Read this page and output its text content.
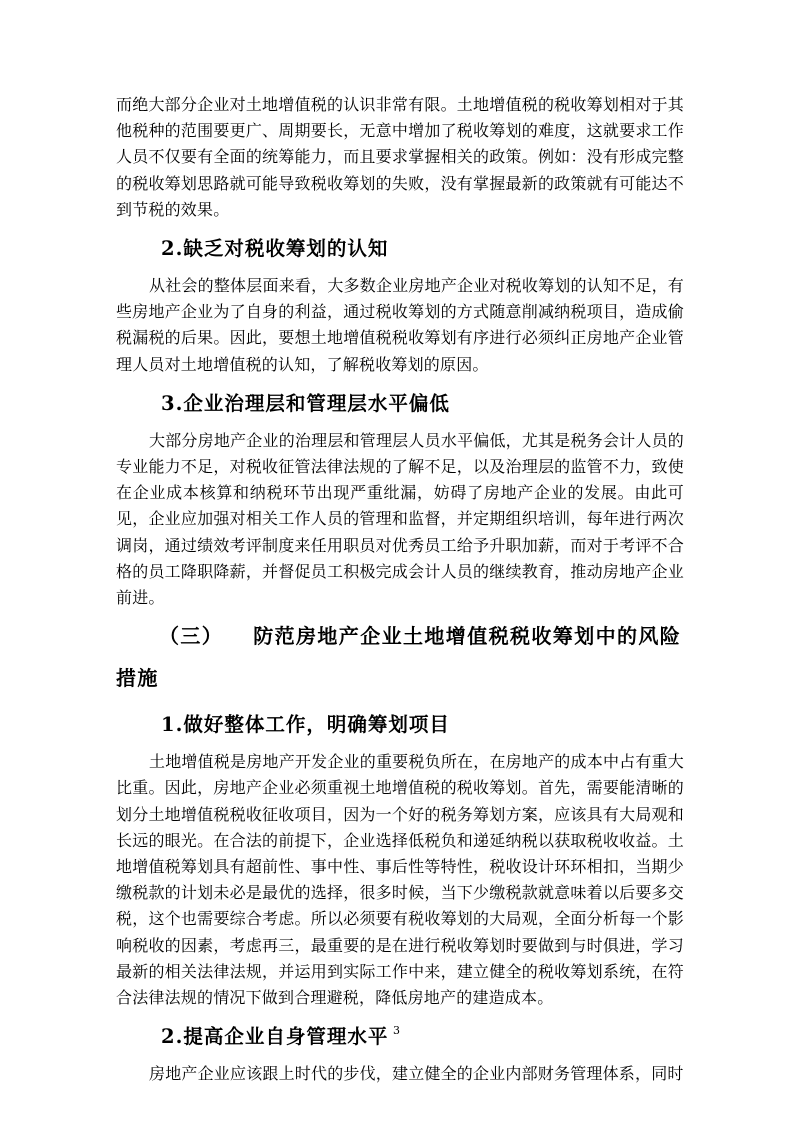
而绝大部分企业对土地增值税的认识非常有限。土地增值税的税收筹划相对于其他税种的范围要更广、周期要长，无意中增加了税收筹划的难度，这就要求工作人员不仅要有全面的统筹能力，而且要求掌握相关的政策。例如：没有形成完整的税收筹划思路就可能导致税收筹划的失败，没有掌握最新的政策就有可能达不到节税的效果。

2.缺乏对税收筹划的认知

从社会的整体层面来看，大多数企业房地产企业对税收筹划的认知不足，有些房地产企业为了自身的利益，通过税收筹划的方式随意削减纳税项目，造成偷税漏税的后果。因此，要想土地增值税税收筹划有序进行必须纠正房地产企业管理人员对土地增值税的认知，了解税收筹划的原因。

3.企业治理层和管理层水平偏低

大部分房地产企业的治理层和管理层人员水平偏低，尤其是税务会计人员的专业能力不足，对税收征管法律法规的了解不足，以及治理层的监管不力，致使在企业成本核算和纳税环节出现严重纰漏，妨碍了房地产企业的发展。由此可见，企业应加强对相关工作人员的管理和监督，并定期组织培训，每年进行两次调岗，通过绩效考评制度来任用职员对优秀员工给予升职加薪，而对于考评不合格的员工降职降薪，并督促员工积极完成会计人员的继续教育，推动房地产企业前进。

（三） 防范房地产企业土地增值税税收筹划中的风险措施
1.做好整体工作，明确筹划项目

土地增值税是房地产开发企业的重要税负所在，在房地产的成本中占有重大比重。因此，房地产企业必须重视土地增值税的税收筹划。首先，需要能清晰的划分土地增值税税收征收项目，因为一个好的税务筹划方案，应该具有大局观和长远的眼光。在合法的前提下，企业选择低税负和递延纳税以获取税收收益。土地增值税筹划具有超前性、事中性、事后性等特性，税收设计环环相扣，当期少缴税款的计划未必是最优的选择，很多时候，当下少缴税款就意味着以后要多交税，这个也需要综合考虑。所以必须要有税收筹划的大局观，全面分析每一个影响税收的因素，考虑再三，最重要的是在进行税收筹划时要做到与时俱进，学习最新的相关法律法规，并运用到实际工作中来，建立健全的税收筹划系统，在符合法律法规的情况下做到合理避税，降低房地产的建造成本。

2.提高企业自身管理水平

房地产企业应该跟上时代的步伐，建立健全的企业内部财务管理体系，同时

3
